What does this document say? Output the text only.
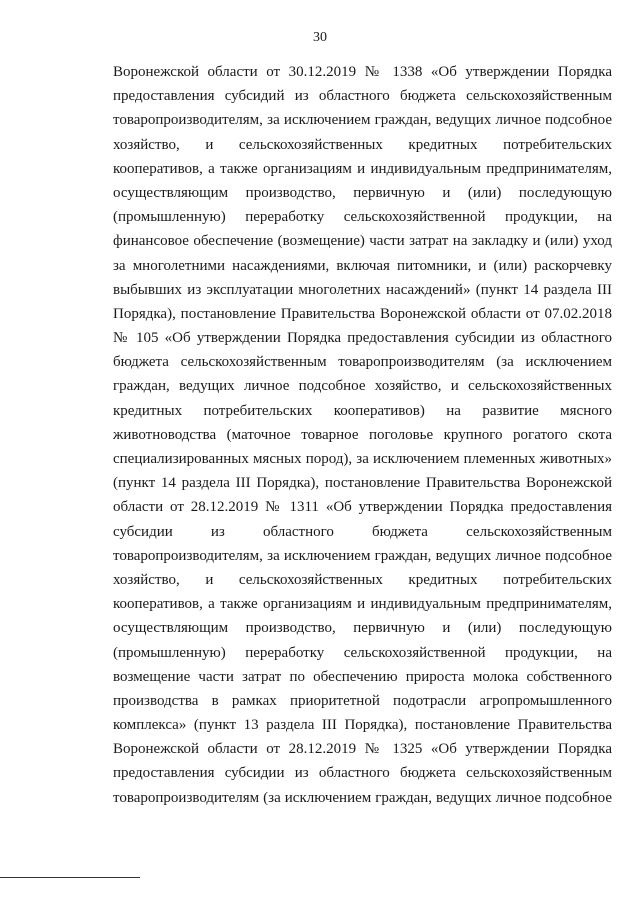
30
Воронежской области от 30.12.2019 № 1338 «Об утверждении Порядка
предоставления субсидий из областного бюджета сельскохозяйственным
товаропроизводителям, за исключением граждан, ведущих личное подсобное
хозяйство, и сельскохозяйственных кредитных потребительских
кооперативов, а также организациям и индивидуальным предпринимателям,
осуществляющим производство, первичную и (или) последующую
(промышленную) переработку сельскохозяйственной продукции, на
финансовое обеспечение (возмещение) части затрат на закладку и (или) уход
за многолетними насаждениями, включая питомники, и (или) раскорчевку
выбывших из эксплуатации многолетних насаждений» (пункт 14 раздела III
Порядка), постановление Правительства Воронежской области от 07.02.2018
№ 105 «Об утверждении Порядка предоставления субсидии из областного
бюджета сельскохозяйственным товаропроизводителям (за исключением
граждан, ведущих личное подсобное хозяйство, и сельскохозяйственных
кредитных потребительских кооперативов) на развитие мясного
животноводства (маточное товарное поголовье крупного рогатого скота
специализированных мясных пород), за исключением племенных животных»
(пункт 14 раздела III Порядка), постановление Правительства Воронежской
области от 28.12.2019 № 1311 «Об утверждении Порядка предоставления
субсидии из областного бюджета сельскохозяйственным
товаропроизводителям, за исключением граждан, ведущих личное подсобное
хозяйство, и сельскохозяйственных кредитных потребительских
кооперативов, а также организациям и индивидуальным предпринимателям,
осуществляющим производство, первичную и (или) последующую
(промышленную) переработку сельскохозяйственной продукции, на
возмещение части затрат по обеспечению прироста молока собственного
производства в рамках приоритетной подотрасли агропромышленного
комплекса» (пункт 13 раздела III Порядка), постановление Правительства
Воронежской области от 28.12.2019 № 1325 «Об утверждении Порядка
предоставления субсидии из областного бюджета сельскохозяйственным
товаропроизводителям (за исключением граждан, ведущих личное подсобное
